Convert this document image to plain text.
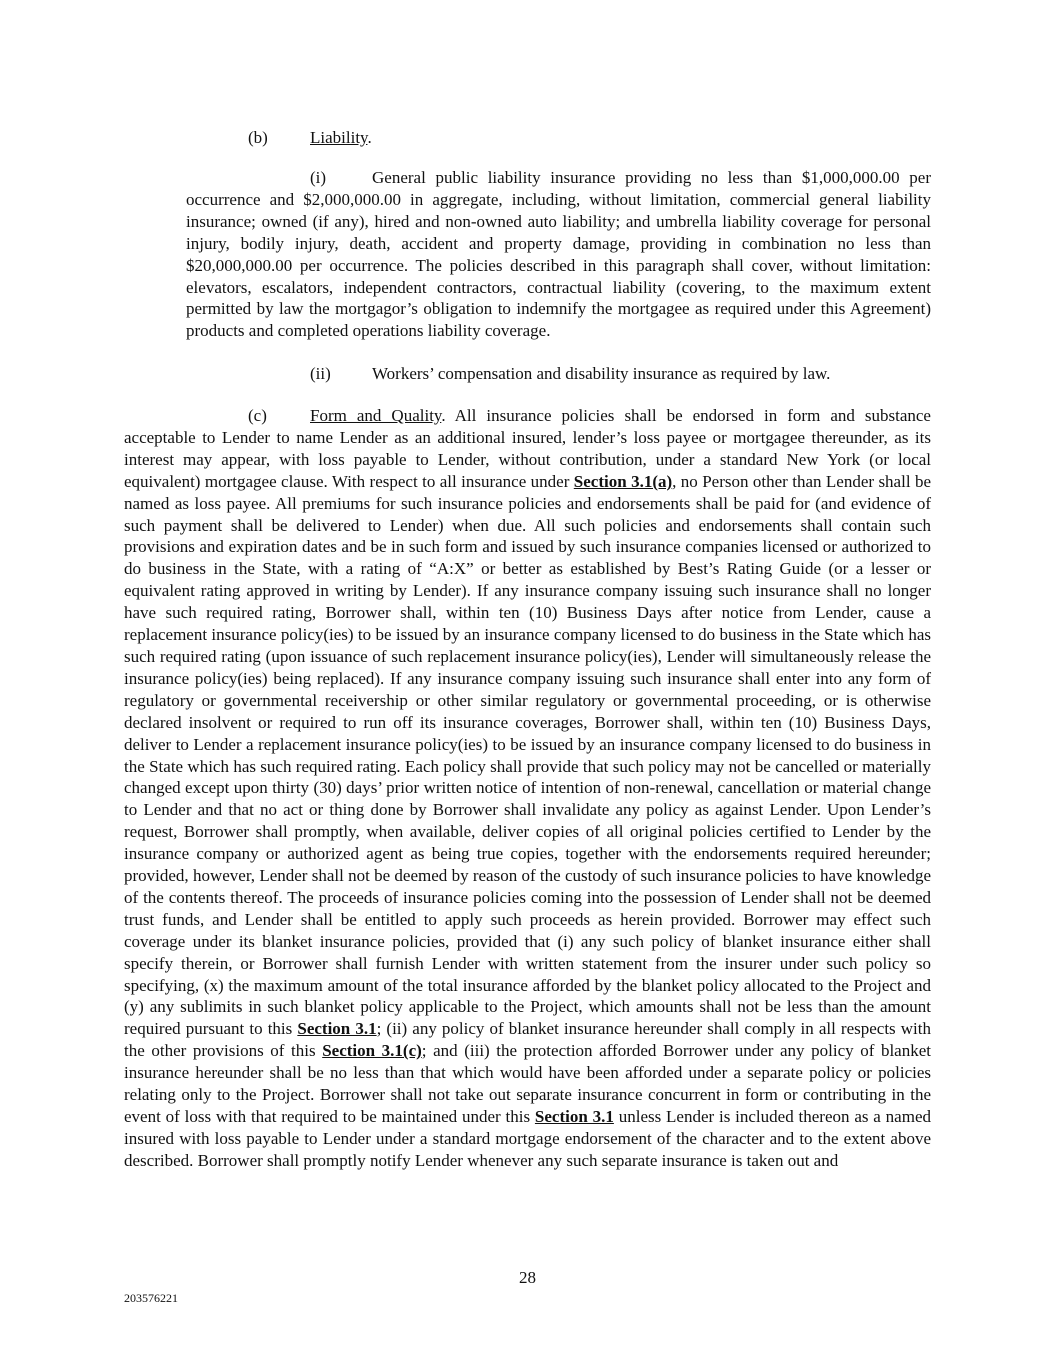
(b) Liability.
(i)	General public liability insurance providing no less than $1,000,000.00 per occurrence and $2,000,000.00 in aggregate, including, without limitation, commercial general liability insurance; owned (if any), hired and non-owned auto liability; and umbrella liability coverage for personal injury, bodily injury, death, accident and property damage, providing in combination no less than $20,000,000.00 per occurrence. The policies described in this paragraph shall cover, without limitation: elevators, escalators, independent contractors, contractual liability (covering, to the maximum extent permitted by law the mortgagor’s obligation to indemnify the mortgagee as required under this Agreement) products and completed operations liability coverage.
(ii) Workers’ compensation and disability insurance as required by law.
(c)	Form and Quality. All insurance policies shall be endorsed in form and substance acceptable to Lender to name Lender as an additional insured, lender’s loss payee or mortgagee thereunder, as its interest may appear, with loss payable to Lender, without contribution, under a standard New York (or local equivalent) mortgagee clause. With respect to all insurance under Section 3.1(a), no Person other than Lender shall be named as loss payee. All premiums for such insurance policies and endorsements shall be paid for (and evidence of such payment shall be delivered to Lender) when due. All such policies and endorsements shall contain such provisions and expiration dates and be in such form and issued by such insurance companies licensed or authorized to do business in the State, with a rating of “A:X” or better as established by Best’s Rating Guide (or a lesser or equivalent rating approved in writing by Lender). If any insurance company issuing such insurance shall no longer have such required rating, Borrower shall, within ten (10) Business Days after notice from Lender, cause a replacement insurance policy(ies) to be issued by an insurance company licensed to do business in the State which has such required rating (upon issuance of such replacement insurance policy(ies), Lender will simultaneously release the insurance policy(ies) being replaced). If any insurance company issuing such insurance shall enter into any form of regulatory or governmental receivership or other similar regulatory or governmental proceeding, or is otherwise declared insolvent or required to run off its insurance coverages, Borrower shall, within ten (10) Business Days, deliver to Lender a replacement insurance policy(ies) to be issued by an insurance company licensed to do business in the State which has such required rating. Each policy shall provide that such policy may not be cancelled or materially changed except upon thirty (30) days’ prior written notice of intention of non-renewal, cancellation or material change to Lender and that no act or thing done by Borrower shall invalidate any policy as against Lender. Upon Lender’s request, Borrower shall promptly, when available, deliver copies of all original policies certified to Lender by the insurance company or authorized agent as being true copies, together with the endorsements required hereunder; provided, however, Lender shall not be deemed by reason of the custody of such insurance policies to have knowledge of the contents thereof. The proceeds of insurance policies coming into the possession of Lender shall not be deemed trust funds, and Lender shall be entitled to apply such proceeds as herein provided. Borrower may effect such coverage under its blanket insurance policies, provided that (i) any such policy of blanket insurance either shall specify therein, or Borrower shall furnish Lender with written statement from the insurer under such policy so specifying, (x) the maximum amount of the total insurance afforded by the blanket policy allocated to the Project and (y) any sublimits in such blanket policy applicable to the Project, which amounts shall not be less than the amount required pursuant to this Section 3.1; (ii) any policy of blanket insurance hereunder shall comply in all respects with the other provisions of this Section 3.1(c); and (iii) the protection afforded Borrower under any policy of blanket insurance hereunder shall be no less than that which would have been afforded under a separate policy or policies relating only to the Project. Borrower shall not take out separate insurance concurrent in form or contributing in the event of loss with that required to be maintained under this Section 3.1 unless Lender is included thereon as a named insured with loss payable to Lender under a standard mortgage endorsement of the character and to the extent above described. Borrower shall promptly notify Lender whenever any such separate insurance is taken out and
28
203576221
